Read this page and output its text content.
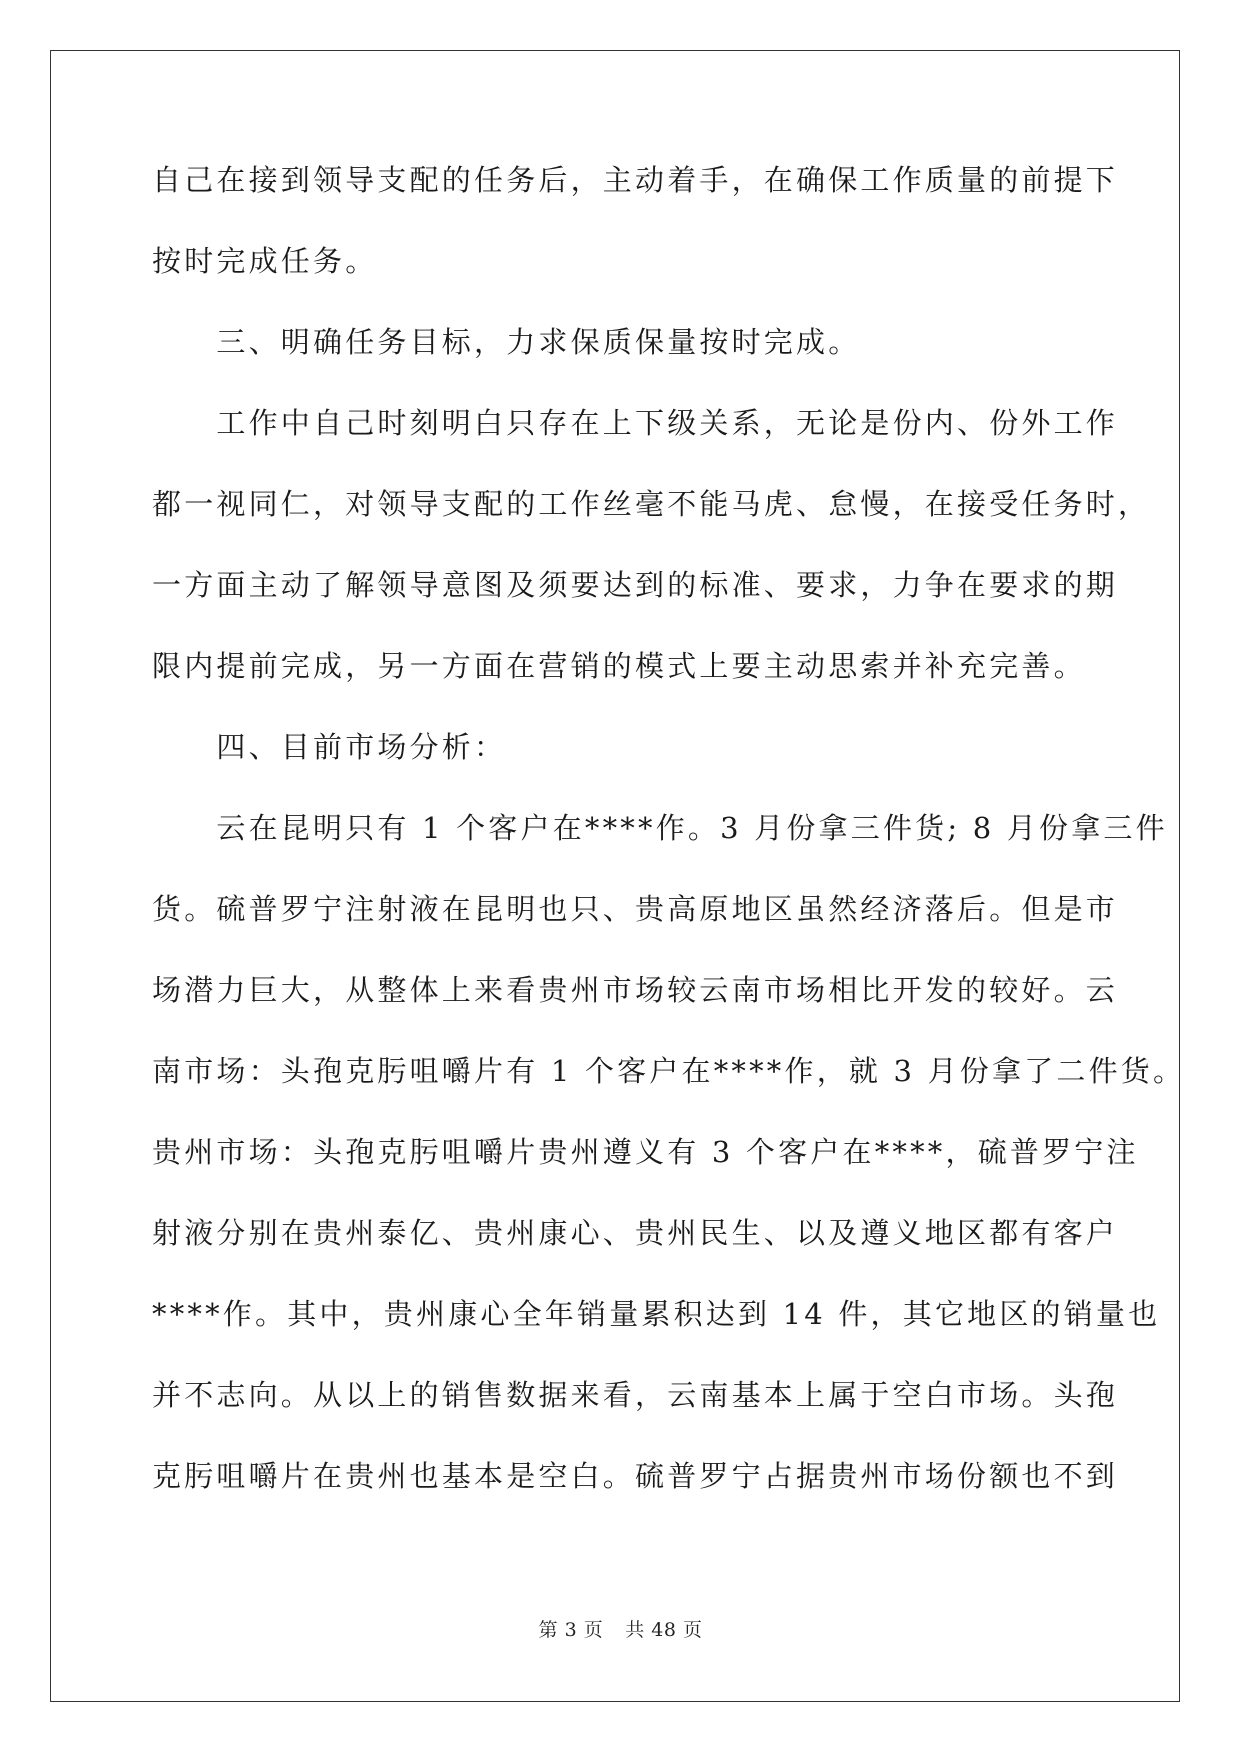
自己在接到领导支配的任务后，主动着手，在确保工作质量的前提下
按时完成任务。
　　三、明确任务目标，力求保质保量按时完成。
　　工作中自己时刻明白只存在上下级关系，无论是份内、份外工作
都一视同仁，对领导支配的工作丝毫不能马虎、怠慢，在接受任务时，
一方面主动了解领导意图及须要达到的标准、要求，力争在要求的期
限内提前完成，另一方面在营销的模式上要主动思索并补充完善。
　　四、目前市场分析：
　　云在昆明只有 1 个客户在****作。3 月份拿三件货; 8 月份拿三件
货。硫普罗宁注射液在昆明也只、贵高原地区虽然经济落后。但是市
场潜力巨大，从整体上来看贵州市场较云南市场相比开发的较好。云
南市场：头孢克肟咀嚼片有 1 个客户在****作，就 3 月份拿了二件货。
贵州市场：头孢克肟咀嚼片贵州遵义有 3 个客户在****，硫普罗宁注
射液分别在贵州泰亿、贵州康心、贵州民生、以及遵义地区都有客户
****作。其中，贵州康心全年销量累积达到 14 件，其它地区的销量也
并不志向。从以上的销售数据来看，云南基本上属于空白市场。头孢
克肟咀嚼片在贵州也基本是空白。硫普罗宁占据贵州市场份额也不到
第 3 页 共 48 页
